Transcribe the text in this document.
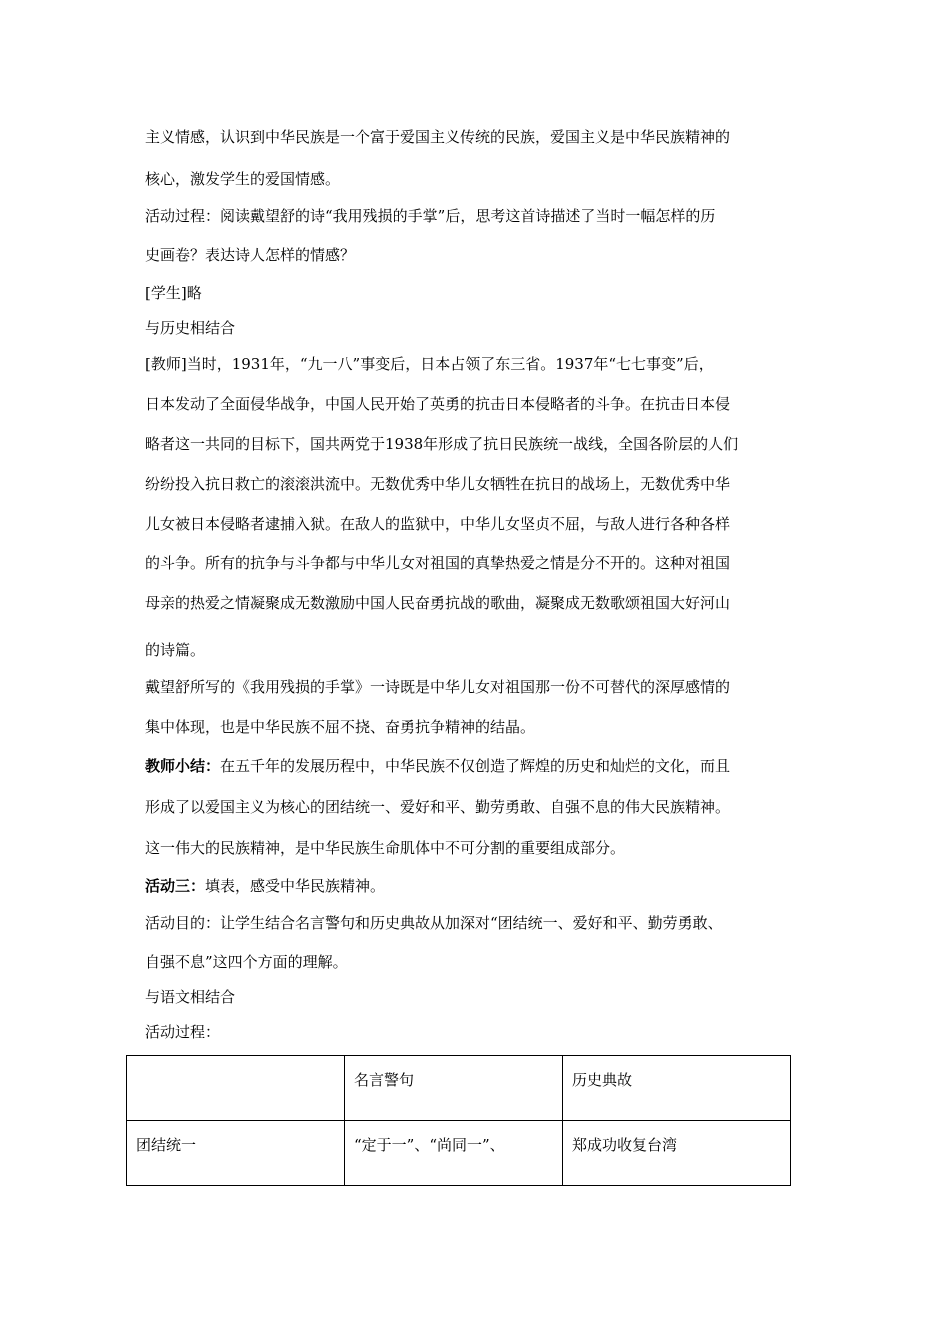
主义情感，认识到中华民族是一个富于爱国主义传统的民族，爱国主义是中华民族精神的
核心，激发学生的爱国情感。
活动过程：阅读戴望舒的诗“我用残损的手掌”后，思考这首诗描述了当时一幅怎样的历
史画卷？表达诗人怎样的情感？
[学生]略
与历史相结合
[教师]当时，1931年，“九一八”事变后，日本占领了东三省。1937年“七七事变”后，
日本发动了全面侵华战争，中国人民开始了英勇的抗击日本侵略者的斗争。在抗击日本侵
略者这一共同的目标下，国共两党于1938年形成了抗日民族统一战线，全国各阶层的人们
纷纷投入抗日救亡的滚滚洪流中。无数优秀中华儿女牺牲在抗日的战场上，无数优秀中华
儿女被日本侵略者逮捕入狱。在敌人的监狱中，中华儿女坚贞不屈，与敌人进行各种各样
的斗争。所有的抗争与斗争都与中华儿女对祖国的真挚热爱之情是分不开的。这种对祖国
母亲的热爱之情凝聚成无数激励中国人民奋勇抗战的歌曲，凝聚成无数歌颂祖国大好河山
的诗篇。
戴望舒所写的《我用残损的手掌》一诗既是中华儿女对祖国那一份不可替代的深厚感情的
集中体现，也是中华民族不屈不挠、奋勇抗争精神的结晶。
教师小结：在五千年的发展历程中，中华民族不仅创造了辉煌的历史和灿烂的文化，而且
形成了以爱国主义为核心的团结统一、爱好和平、勤劳勇敢、自强不息的伟大民族精神。
这一伟大的民族精神，是中华民族生命肌体中不可分割的重要组成部分。
活动三：填表，感受中华民族精神。
活动目的：让学生结合名言警句和历史典故从加深对“团结统一、爱好和平、勤劳勇敢、
自强不息”这四个方面的理解。
与语文相结合
活动过程：
	名言警句	历史典故
团结统一	“定于一”、“尚同一”、	郑成功收复台湾
